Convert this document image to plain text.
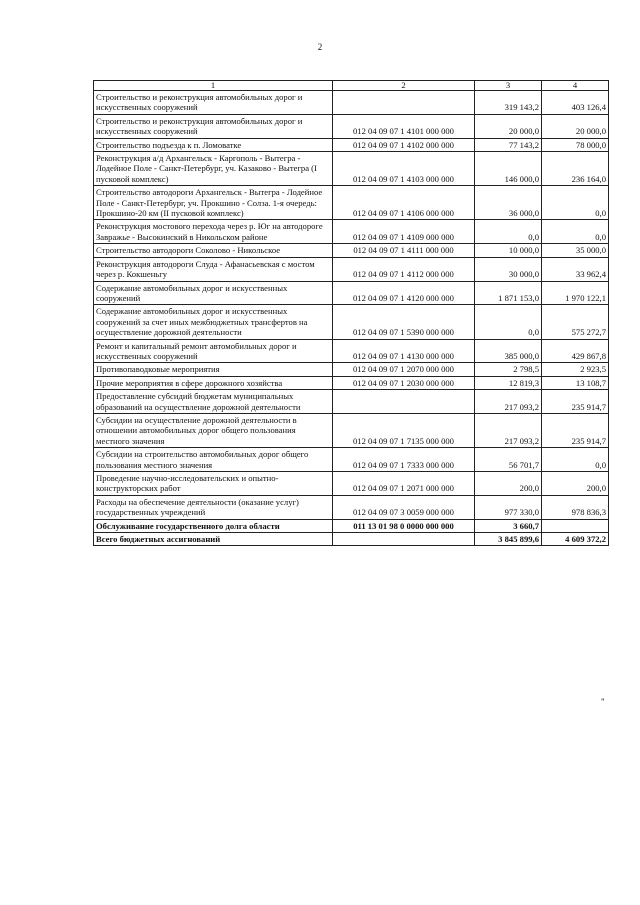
2
1	2	3	4
Строительство и реконструкция автомобильных дорог и искусственных сооружений		319 143,2	403 126,4
Строительство и реконструкция автомобильных дорог и искусственных сооружений	012 04 09 07 1 4101 000 000	20 000,0	20 000,0
Строительство подъезда к п. Ломоватке	012 04 09 07 1 4102 000 000	77 143,2	78 000,0
Реконструкция а/д Архангельск - Каргополь - Вытегра - Лодейное Поле - Санкт-Петербург, уч. Казаково - Вытегра (I пусковой комплекс)	012 04 09 07 1 4103 000 000	146 000,0	236 164,0
Строительство автодороги Архангельск - Вытегра - Лодейное Поле - Санкт-Петербург, уч. Прокшино - Солза. 1-я очередь: Прокшино-20 км (II пусковой комплекс)	012 04 09 07 1 4106 000 000	36 000,0	0,0
Реконструкция мостового перехода через р. Юг на автодороге Завражье - Высокинский в Никольском районе	012 04 09 07 1 4109 000 000	0,0	0,0
Строительство автодороги Соколово - Никольское	012 04 09 07 1 4111 000 000	10 000,0	35 000,0
Реконструкция автодороги Слуда - Афанасьевская с мостом через р. Кокшеньгу	012 04 09 07 1 4112 000 000	30 000,0	33 962,4
Содержание автомобильных дорог и искусственных сооружений	012 04 09 07 1 4120 000 000	1 871 153,0	1 970 122,1
Содержание автомобильных дорог и искусственных сооружений за счет иных межбюджетных трансфертов на осуществление дорожной деятельности	012 04 09 07 1 5390 000 000	0,0	575 272,7
Ремонт и капитальный ремонт автомобильных дорог и искусственных сооружений	012 04 09 07 1 4130 000 000	385 000,0	429 867,8
Противопаводковые мероприятия	012 04 09 07 1 2070 000 000	2 798,5	2 923,5
Прочие мероприятия в сфере дорожного хозяйства	012 04 09 07 1 2030 000 000	12 819,3	13 108,7
Предоставление субсидий бюджетам муниципальных образований на осуществление дорожной деятельности		217 093,2	235 914,7
Субсидии на осуществление дорожной деятельности в отношении автомобильных дорог общего пользования местного значения	012 04 09 07 1 7135 000 000	217 093,2	235 914,7
Субсидии на строительство автомобильных дорог общего пользования местного значения	012 04 09 07 1 7333 000 000	56 701,7	0,0
Проведение научно-исследовательских и опытно-конструкторских работ	012 04 09 07 1 2071 000 000	200,0	200,0
Расходы на обеспечение деятельности (оказание услуг) государственных учреждений	012 04 09 07 3 0059 000 000	977 330,0	978 836,3
Обслуживание государственного долга области	011 13 01 98 0 0000 000 000	3 660,7	
Всего бюджетных ассигнований		3 845 899,6	4 609 372,2
"
